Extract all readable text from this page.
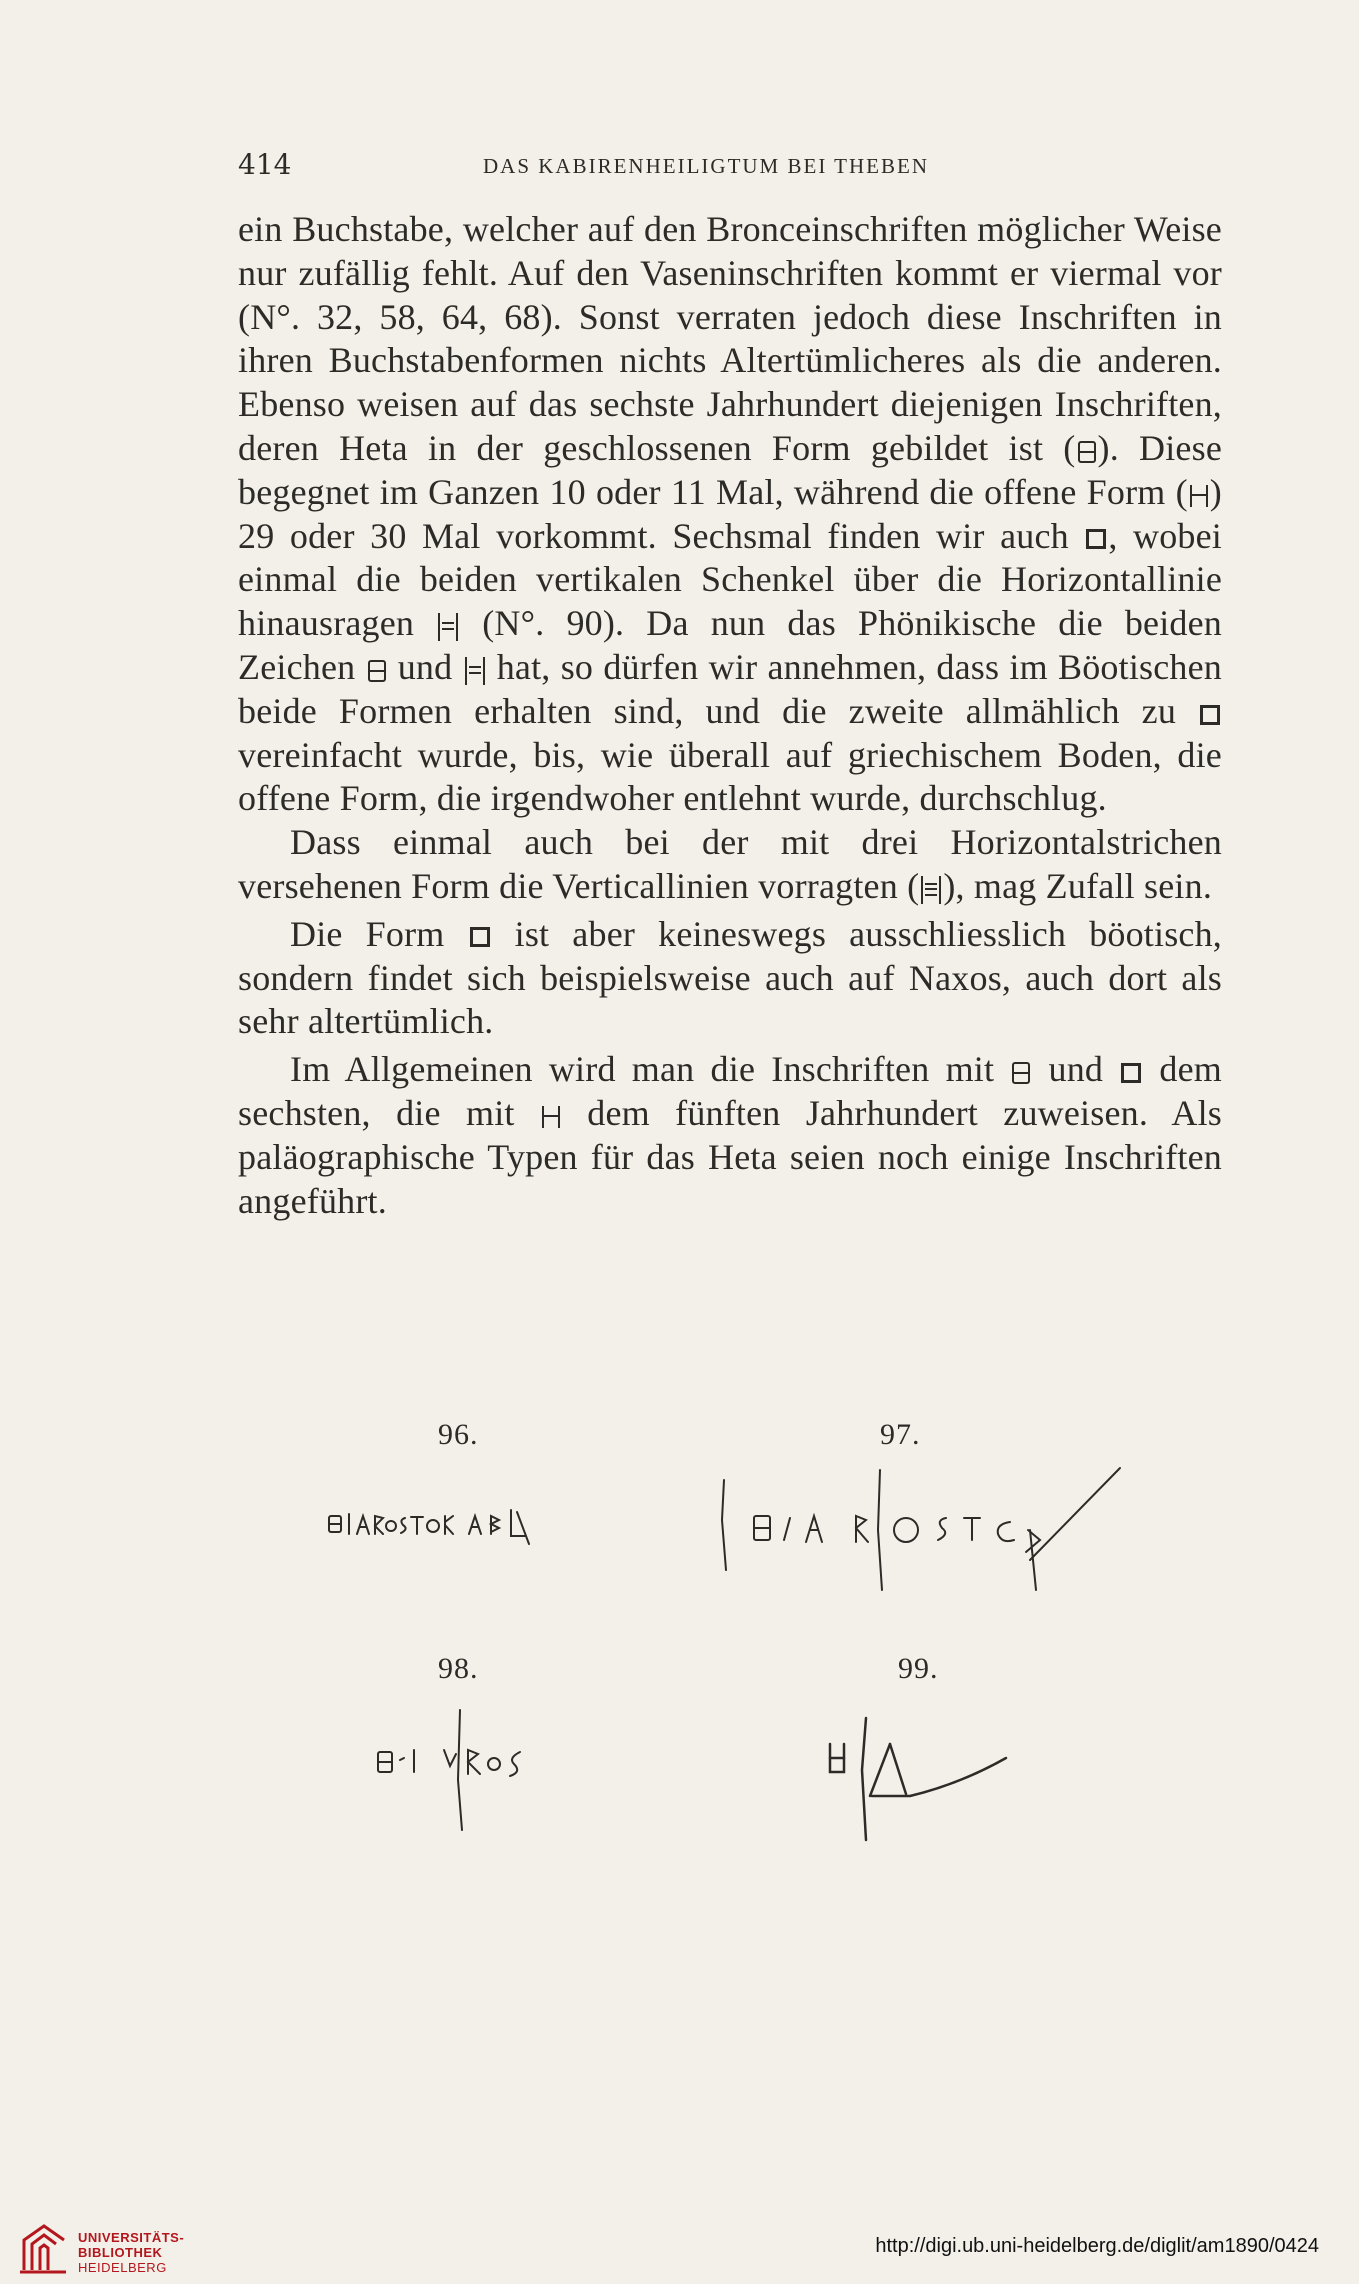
414	DAS KABIRENHEILIGTUM BEI THEBEN

ein Buchstabe, welcher auf den Bronceinschriften möglicher Weise nur zufällig fehlt. Auf den Vaseninschriften kommt er viermal vor (N°. 32, 58, 64, 68). Sonst verraten jedoch diese Inschriften in ihren Buchstabenformen nichts Altertümlicheres als die anderen. Ebenso weisen auf das sechste Jahrhundert diejenigen Inschriften, deren Heta in der geschlossenen Form gebildet ist ( ). Diese begegnet im Ganzen 10 oder 11 Mal, während die offene Form ( ) 29 oder 30 Mal vorkommt. Sechsmal finden wir auch , wobei einmal die beiden vertikalen Schenkel über die Horizontallinie hinausragen  (N°. 90). Da nun das Phönikische die beiden Zeichen  und  hat, so dürfen wir annehmen, dass im Böotischen beide Formen erhalten sind, und die zweite allmählich zu  vereinfacht wurde, bis, wie überall auf griechischem Boden, die offene Form, die irgendwoher entlehnt wurde, durchschlug.

Dass einmal auch bei der mit drei Horizontalstrichen versehenen Form die Verticallinien vorragten ( ), mag Zufall sein.

Die Form  ist aber keineswegs ausschliesslich böotisch, sondern findet sich beispielsweise auch auf Naxos, auch dort als sehr altertümlich.

Im Allgemeinen wird man die Inschriften mit  und  dem sechsten, die mit  dem fünften Jahrhundert zuweisen. Als paläographische Typen für das Heta seien noch einige Inschriften angeführt.

96.	97.
98.	99.
UNIVERSITÄTS-
BIBLIOTHEK
HEIDELBERG
http://digi.ub.uni-heidelberg.de/diglit/am1890/0424
